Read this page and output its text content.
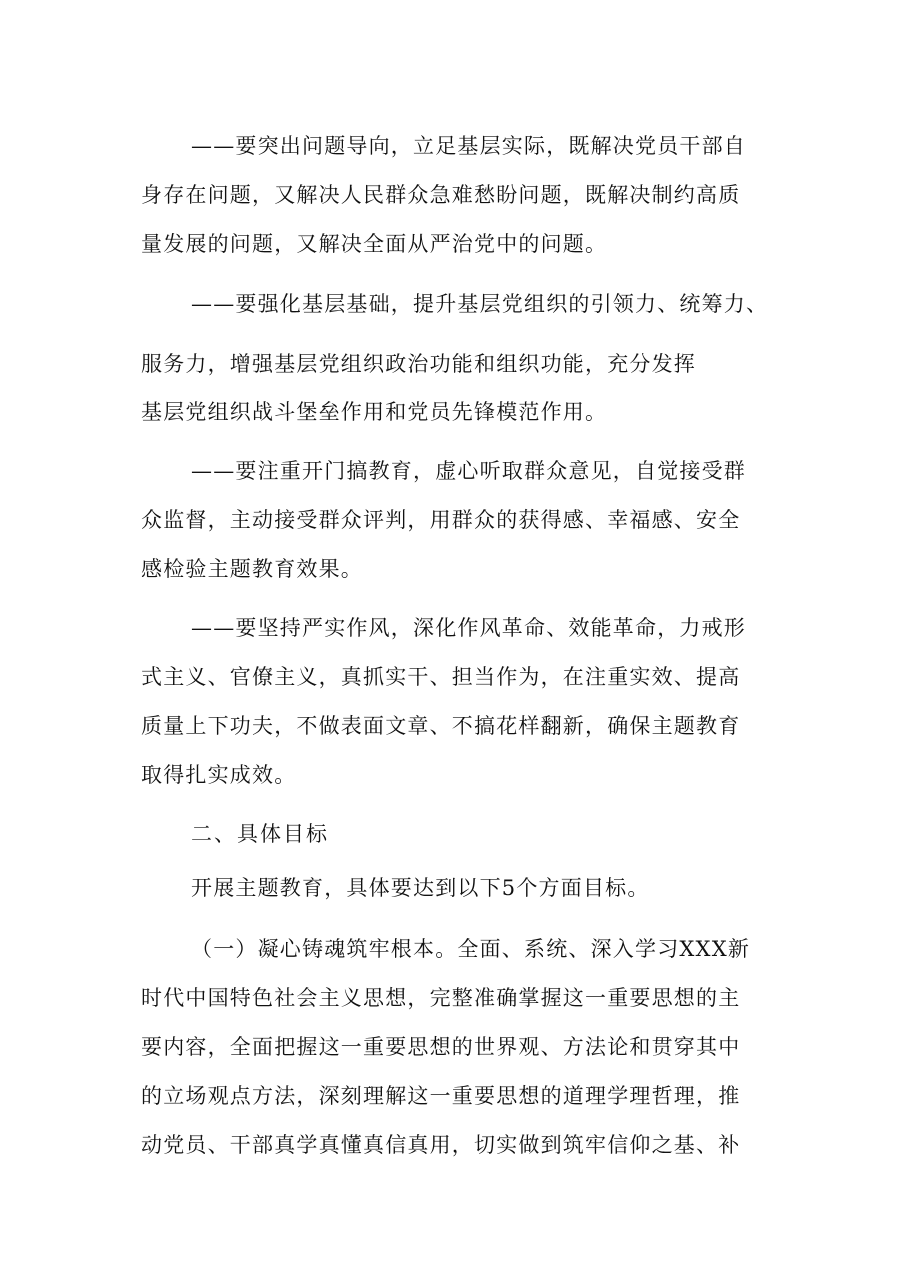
——要突出问题导向，立足基层实际，既解决党员干部自
身存在问题，又解决人民群众急难愁盼问题，既解决制约高质
量发展的问题，又解决全面从严治党中的问题。
——要强化基层基础，提升基层党组织的引领力、统筹力、
服务力，增强基层党组织政治功能和组织功能，充分发挥
基层党组织战斗堡垒作用和党员先锋模范作用。
——要注重开门搞教育，虚心听取群众意见，自觉接受群
众监督，主动接受群众评判，用群众的获得感、幸福感、安全
感检验主题教育效果。
——要坚持严实作风，深化作风革命、效能革命，力戒形
式主义、官僚主义，真抓实干、担当作为，在注重实效、提高
质量上下功夫，不做表面文章、不搞花样翻新，确保主题教育
取得扎实成效。
二、具体目标
开展主题教育，具体要达到以下5个方面目标。
（一）凝心铸魂筑牢根本。全面、系统、深入学习XXX新
时代中国特色社会主义思想，完整准确掌握这一重要思想的主
要内容，全面把握这一重要思想的世界观、方法论和贯穿其中
的立场观点方法，深刻理解这一重要思想的道理学理哲理，推
动党员、干部真学真懂真信真用，切实做到筑牢信仰之基、补
